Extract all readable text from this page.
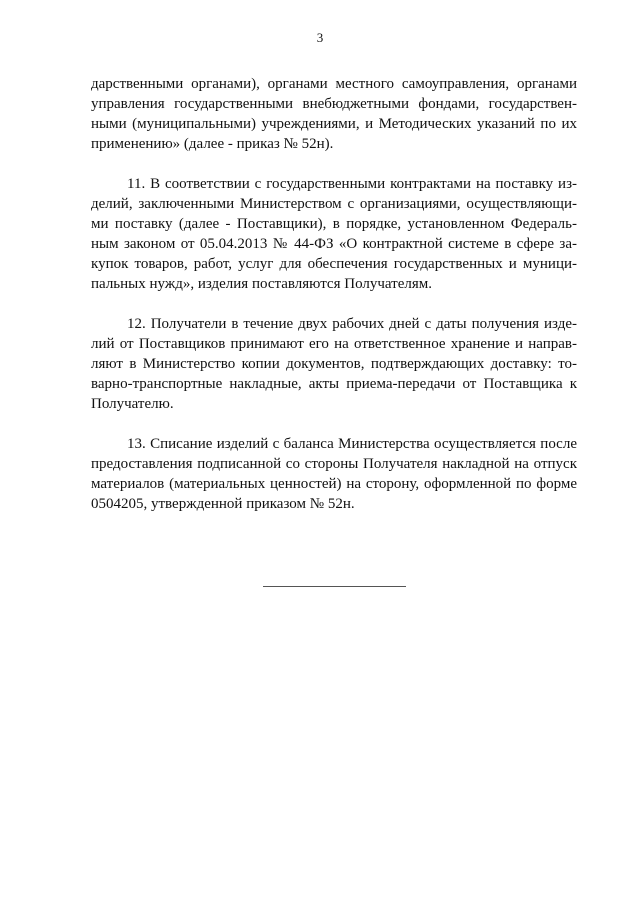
3
дарственными органами), органами местного самоуправления, органами
управления государственными внебюджетными фондами, государствен-
ными (муниципальными) учреждениями, и Методических указаний по их
применению» (далее - приказ № 52н).
11. В соответствии с государственными контрактами на поставку из-
делий, заключенными Министерством с организациями, осуществляющи-
ми поставку (далее - Поставщики), в порядке, установленном Федераль-
ным законом от 05.04.2013 № 44-ФЗ «О контрактной системе в сфере за-
купок товаров, работ, услуг для обеспечения государственных и муници-
пальных нужд», изделия поставляются Получателям.
12. Получатели в течение двух рабочих дней с даты получения изде-
лий от Поставщиков принимают его на ответственное хранение и направ-
ляют в Министерство копии документов, подтверждающих доставку: то-
варно-транспортные накладные, акты приема-передачи от Поставщика к
Получателю.
13. Списание изделий с баланса Министерства осуществляется после
предоставления подписанной со стороны Получателя накладной на отпуск
материалов (материальных ценностей) на сторону, оформленной по форме
0504205, утвержденной приказом № 52н.
